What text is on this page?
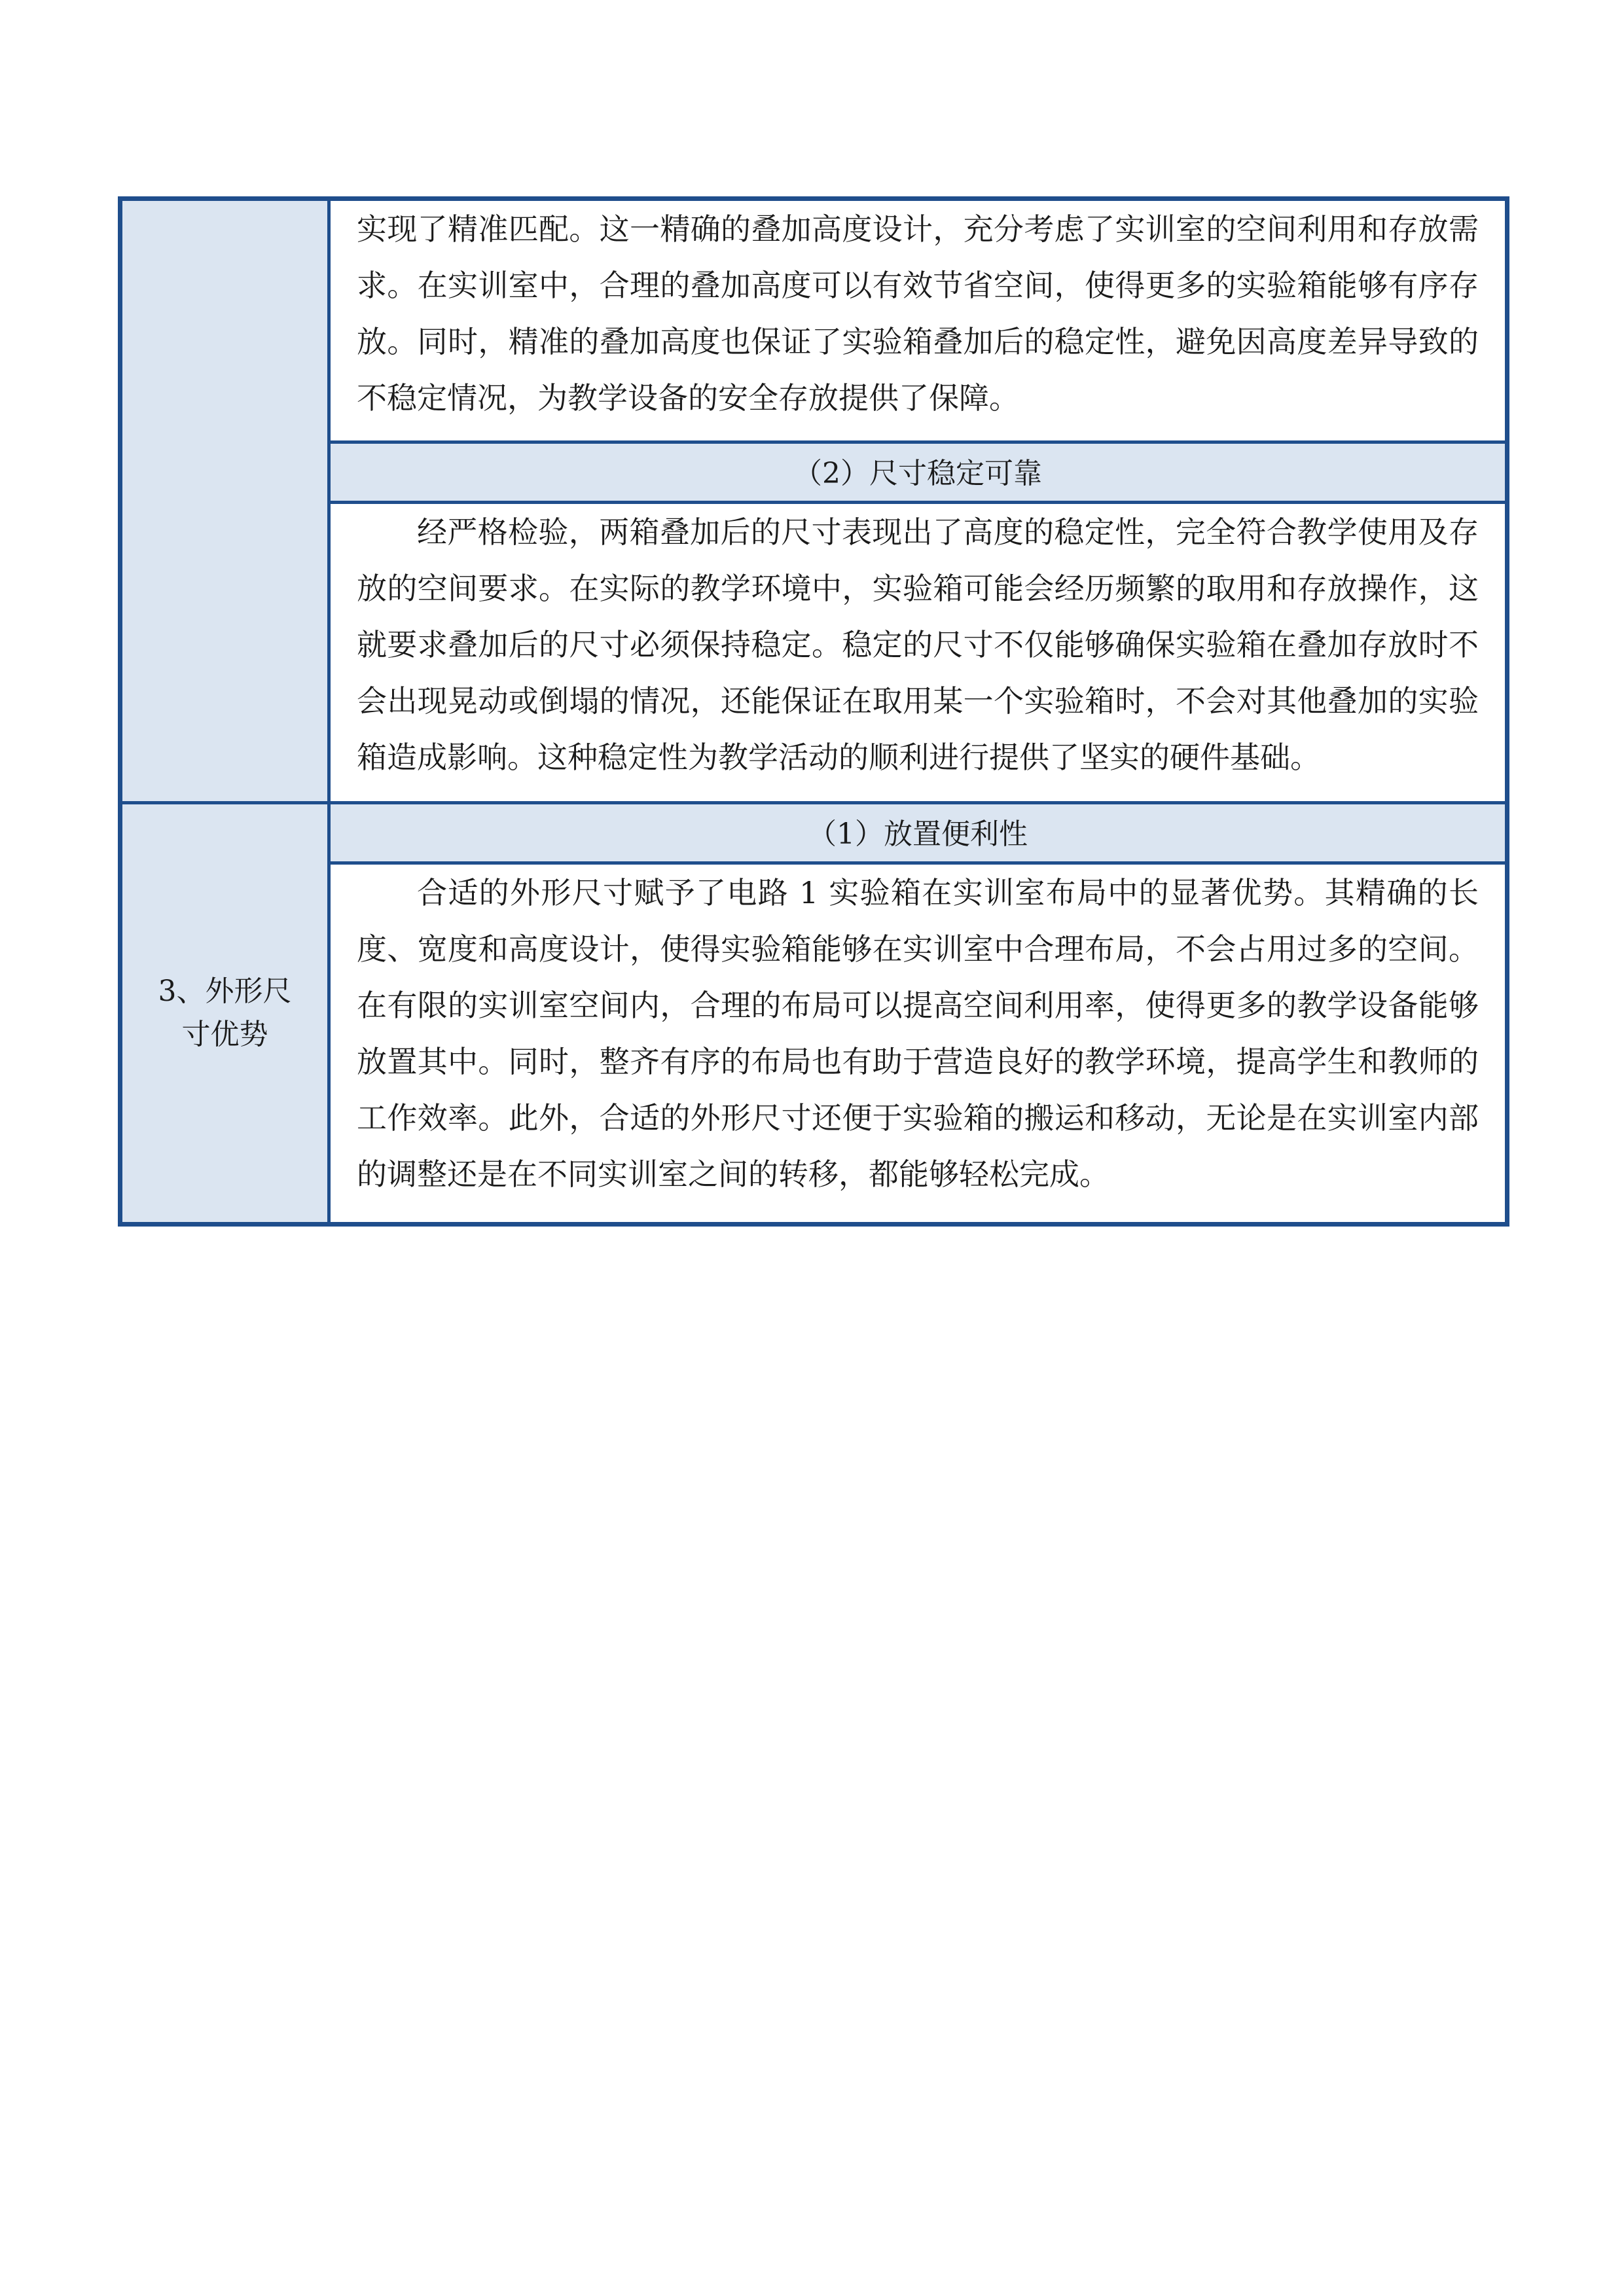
实现了精准匹配。这一精确的叠加高度设计，充分考虑了实训室的空间利用和存放需求。在实训室中，合理的叠加高度可以有效节省空间，使得更多的实验箱能够有序存放。同时，精准的叠加高度也保证了实验箱叠加后的稳定性，避免因高度差异导致的不稳定情况，为教学设备的安全存放提供了保障。
（2）尺寸稳定可靠
经严格检验，两箱叠加后的尺寸表现出了高度的稳定性，完全符合教学使用及存放的空间要求。在实际的教学环境中，实验箱可能会经历频繁的取用和存放操作，这就要求叠加后的尺寸必须保持稳定。稳定的尺寸不仅能够确保实验箱在叠加存放时不会出现晃动或倒塌的情况，还能保证在取用某一个实验箱时，不会对其他叠加的实验箱造成影响。这种稳定性为教学活动的顺利进行提供了坚实的硬件基础。
3、外形尺寸优势
（1）放置便利性
合适的外形尺寸赋予了电路 1 实验箱在实训室布局中的显著优势。其精确的长度、宽度和高度设计，使得实验箱能够在实训室中合理布局，不会占用过多的空间。在有限的实训室空间内，合理的布局可以提高空间利用率，使得更多的教学设备能够放置其中。同时，整齐有序的布局也有助于营造良好的教学环境，提高学生和教师的工作效率。此外，合适的外形尺寸还便于实验箱的搬运和移动，无论是在实训室内部的调整还是在不同实训室之间的转移，都能够轻松完成。
